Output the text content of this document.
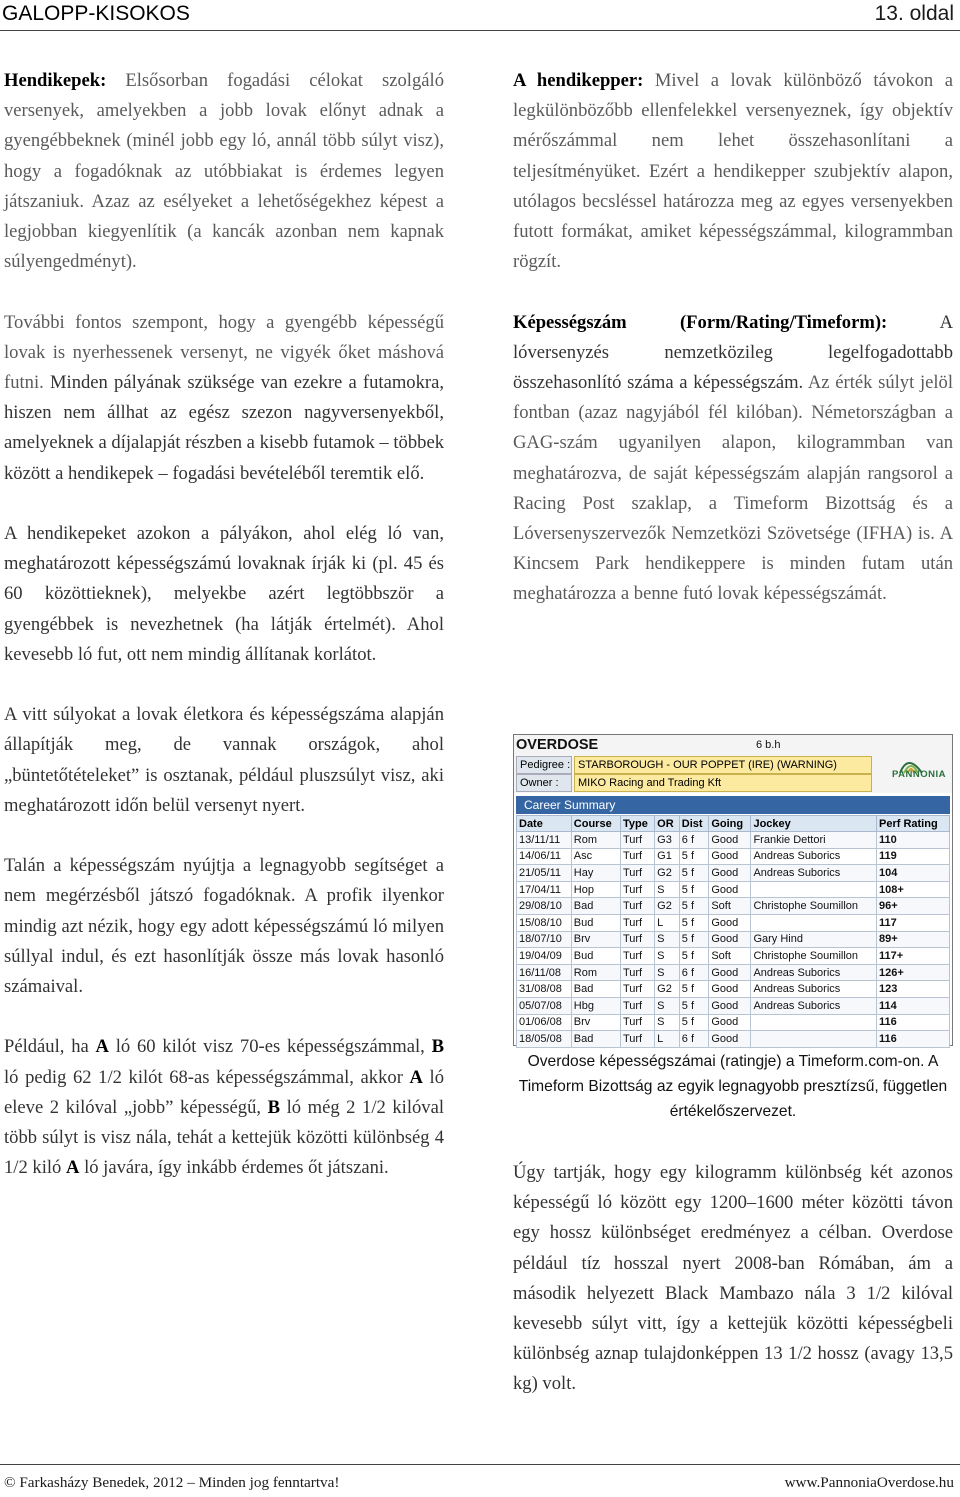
GALOPP-KISOKOS	13. oldal

Hendikepek: Elsősorban fogadási célokat szolgáló versenyek, amelyekben a jobb lovak előnyt adnak a gyengébbeknek (minél jobb egy ló, annál több súlyt visz), hogy a fogadóknak az utóbbiakat is érdemes legyen játszaniuk. Azaz az esélyeket a lehetőségekhez képest a legjobban kiegyenlítik (a kancák azonban nem kapnak súlyengedményt).

További fontos szempont, hogy a gyengébb képességű lovak is nyerhessenek versenyt, ne vigyék őket máshová futni. Minden pályának szüksége van ezekre a futamokra, hiszen nem állhat az egész szezon nagyversenyekből, amelyeknek a díjalapját részben a kisebb futamok – többek között a hendikepek – fogadási bevételéből teremtik elő.

A hendikepeket azokon a pályákon, ahol elég ló van, meghatározott képességszámú lovaknak írják ki (pl. 45 és 60 közöttieknek), melyekbe azért legtöbbször a gyengébbek is nevezhetnek (ha látják értelmét). Ahol kevesebb ló fut, ott nem mindig állítanak korlátot.

A vitt súlyokat a lovak életkora és képességszáma alapján állapítják meg, de vannak országok, ahol „büntetőtételeket” is osztanak, például pluszsúlyt visz, aki meghatározott időn belül versenyt nyert.

Talán a képességszám nyújtja a legnagyobb segítséget a nem megérzésből játszó fogadóknak. A profik ilyenkor mindig azt nézik, hogy egy adott képességszámú ló milyen súllyal indul, és ezt hasonlítják össze más lovak hasonló számaival.

Például, ha A ló 60 kilót visz 70-es képességszámmal, B ló pedig 62 1/2 kilót 68-as képességszámmal, akkor A ló eleve 2 kilóval „jobb” képességű, B ló még 2 1/2 kilóval több súlyt is visz nála, tehát a kettejük közötti különbség 4 1/2 kiló A ló javára, így inkább érdemes őt játszani.

A hendikepper: Mivel a lovak különböző távokon a legkülönbözőbb ellenfelekkel versenyeznek, így objektív mérőszámmal nem lehet összehasonlítani a teljesítményüket. Ezért a hendikepper szubjektív alapon, utólagos becsléssel határozza meg az egyes versenyekben futott formákat, amiket képességszámmal, kilogrammban rögzít.

Képességszám (Form/Rating/Timeform): A lóversenyzés nemzetközileg legelfogadottabb összehasonlító száma a képességszám. Az érték súlyt jelöl fontban (azaz nagyjából fél kilóban). Németországban a GAG-szám ugyanilyen alapon, kilogrammban van meghatározva, de saját képességszám alapján rangsorol a Racing Post szaklap, a Timeform Bizottság és a Lóversenyszervezők Nemzetközi Szövetsége (IFHA) is. A Kincsem Park hendikeppere is minden futam után meghatározza a benne futó lovak képességszámát.

OVERDOSE	6 b.h
Pedigree : STARBOROUGH - OUR POPPET (IRE) (WARNING)
Owner : MIKO Racing and Trading Kft
PANNONIA
Career Summary
Date	Course	Type	OR	Dist	Going	Jockey	Perf Rating
13/11/11	Rom	Turf	G3	6 f	Good	Frankie Dettori	110
14/06/11	Asc	Turf	G1	5 f	Good	Andreas Suborics	119
21/05/11	Hay	Turf	G2	5 f	Good	Andreas Suborics	104
17/04/11	Hop	Turf	S	5 f	Good		108+
29/08/10	Bad	Turf	G2	5 f	Soft	Christophe Soumillon	96+
15/08/10	Bud	Turf	L	5 f	Good		117
18/07/10	Brv	Turf	S	5 f	Good	Gary Hind	89+
19/04/09	Bud	Turf	S	5 f	Soft	Christophe Soumillon	117+
16/11/08	Rom	Turf	S	6 f	Good	Andreas Suborics	126+
31/08/08	Bad	Turf	G2	5 f	Good	Andreas Suborics	123
05/07/08	Hbg	Turf	S	5 f	Good	Andreas Suborics	114
01/06/08	Brv	Turf	S	5 f	Good		116
18/05/08	Bad	Turf	L	6 f	Good		116
Overdose képességszámai (ratingje) a Timeform.com-on. A Timeform Bizottság az egyik legnagyobb presztízsű, független értékelőszervezet.

Úgy tartják, hogy egy kilogramm különbség két azonos képességű ló között egy 1200–1600 méter közötti távon egy hossz különbséget eredményez a célban. Overdose például tíz hosszal nyert 2008-ban Rómában, ám a második helyezett Black Mambazo nála 3 1/2 kilóval kevesebb súlyt vitt, így a kettejük közötti képességbeli különbség aznap tulajdonképpen 13 1/2 hossz (avagy 13,5 kg) volt.

© Farkasházy Benedek, 2012 – Minden jog fenntartva!	www.PannoniaOverdose.hu
